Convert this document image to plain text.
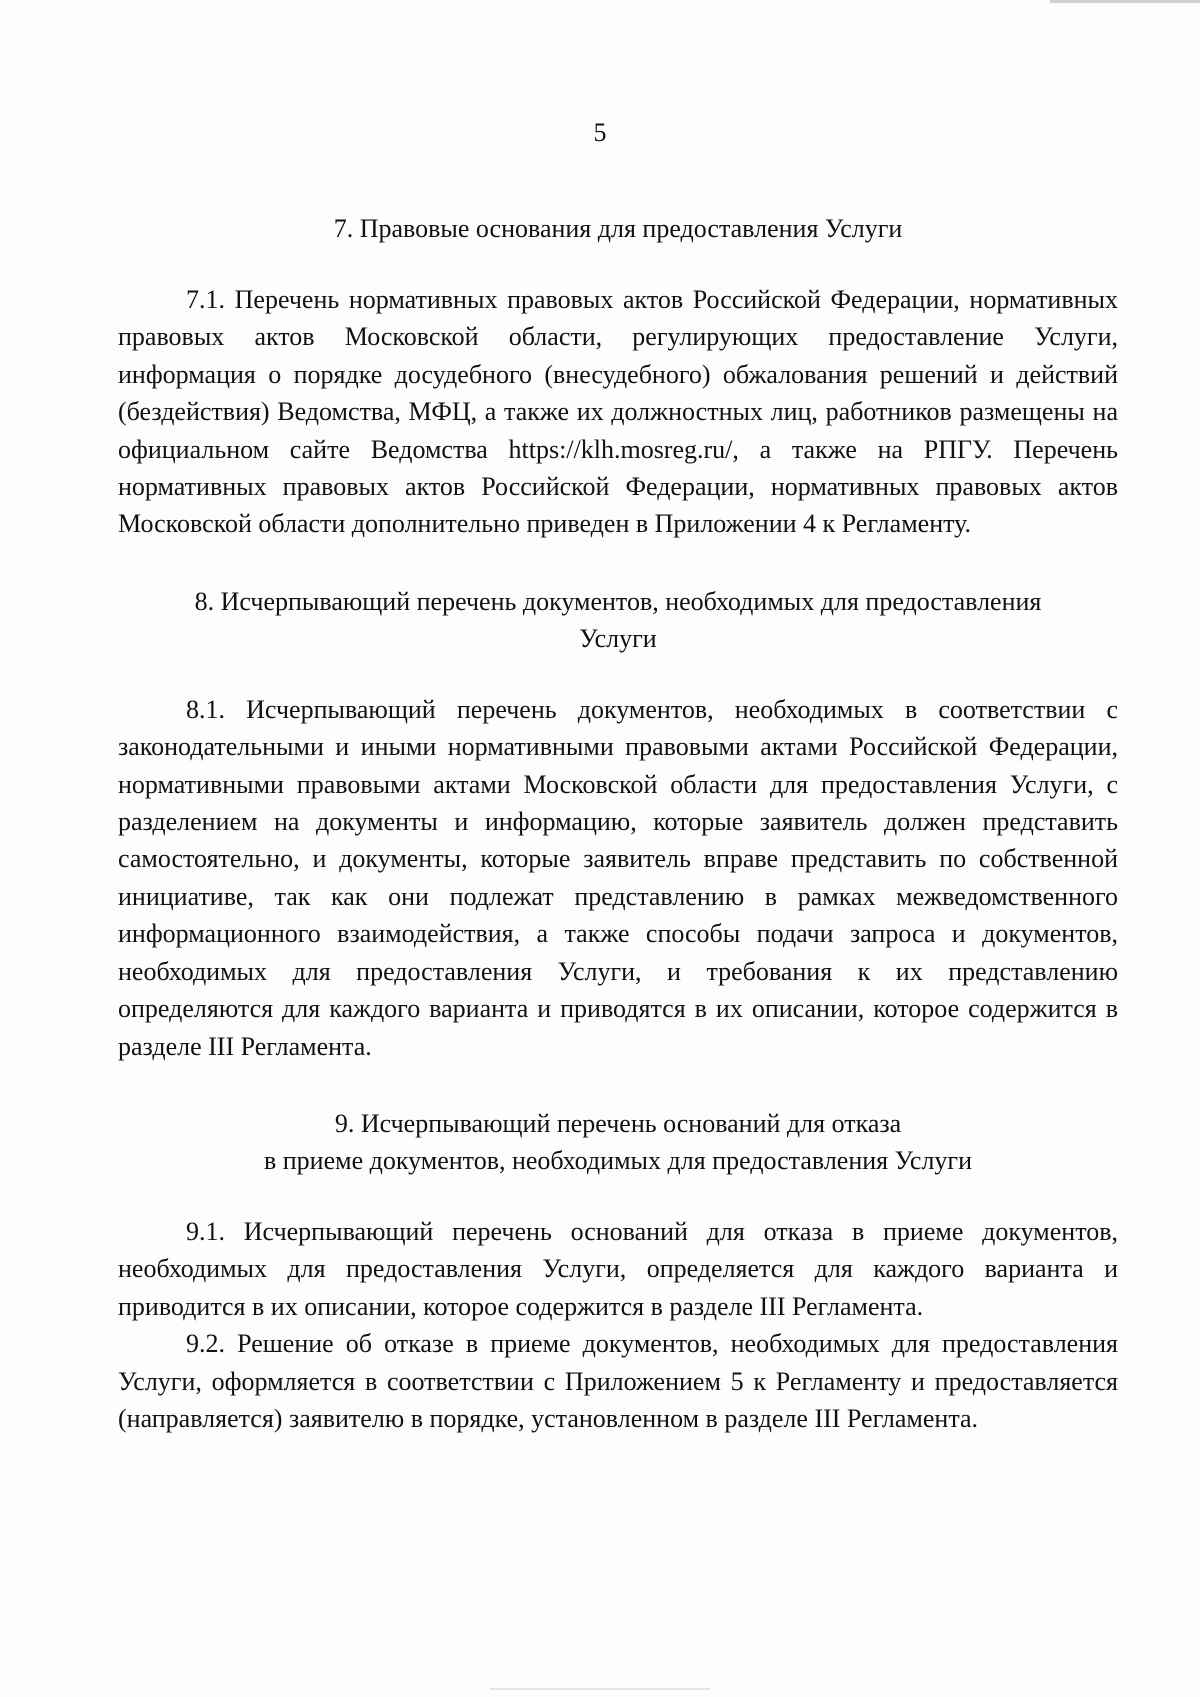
5

7. Правовые основания для предоставления Услуги

7.1. Перечень нормативных правовых актов Российской Федерации, нормативных правовых актов Московской области, регулирующих предоставление Услуги, информация о порядке досудебного (внесудебного) обжалования решений и действий (бездействия) Ведомства, МФЦ, а также их должностных лиц, работников размещены на официальном сайте Ведомства https://klh.mosreg.ru/, а также на РПГУ. Перечень нормативных правовых актов Российской Федерации, нормативных правовых актов Московской области дополнительно приведен в Приложении 4 к Регламенту.

8. Исчерпывающий перечень документов, необходимых для предоставления Услуги

8.1. Исчерпывающий перечень документов, необходимых в соответствии с законодательными и иными нормативными правовыми актами Российской Федерации, нормативными правовыми актами Московской области для предоставления Услуги, с разделением на документы и информацию, которые заявитель должен представить самостоятельно, и документы, которые заявитель вправе представить по собственной инициативе, так как они подлежат представлению в рамках межведомственного информационного взаимодействия, а также способы подачи запроса и документов, необходимых для предоставления Услуги, и требования к их представлению определяются для каждого варианта и приводятся в их описании, которое содержится в разделе III Регламента.

9. Исчерпывающий перечень оснований для отказа

в приеме документов, необходимых для предоставления Услуги

9.1. Исчерпывающий перечень оснований для отказа в приеме документов, необходимых для предоставления Услуги, определяется для каждого варианта и приводится в их описании, которое содержится в разделе III Регламента.

9.2. Решение об отказе в приеме документов, необходимых для предоставления Услуги, оформляется в соответствии с Приложением 5 к Регламенту и предоставляется (направляется) заявителю в порядке, установленном в разделе III Регламента.
